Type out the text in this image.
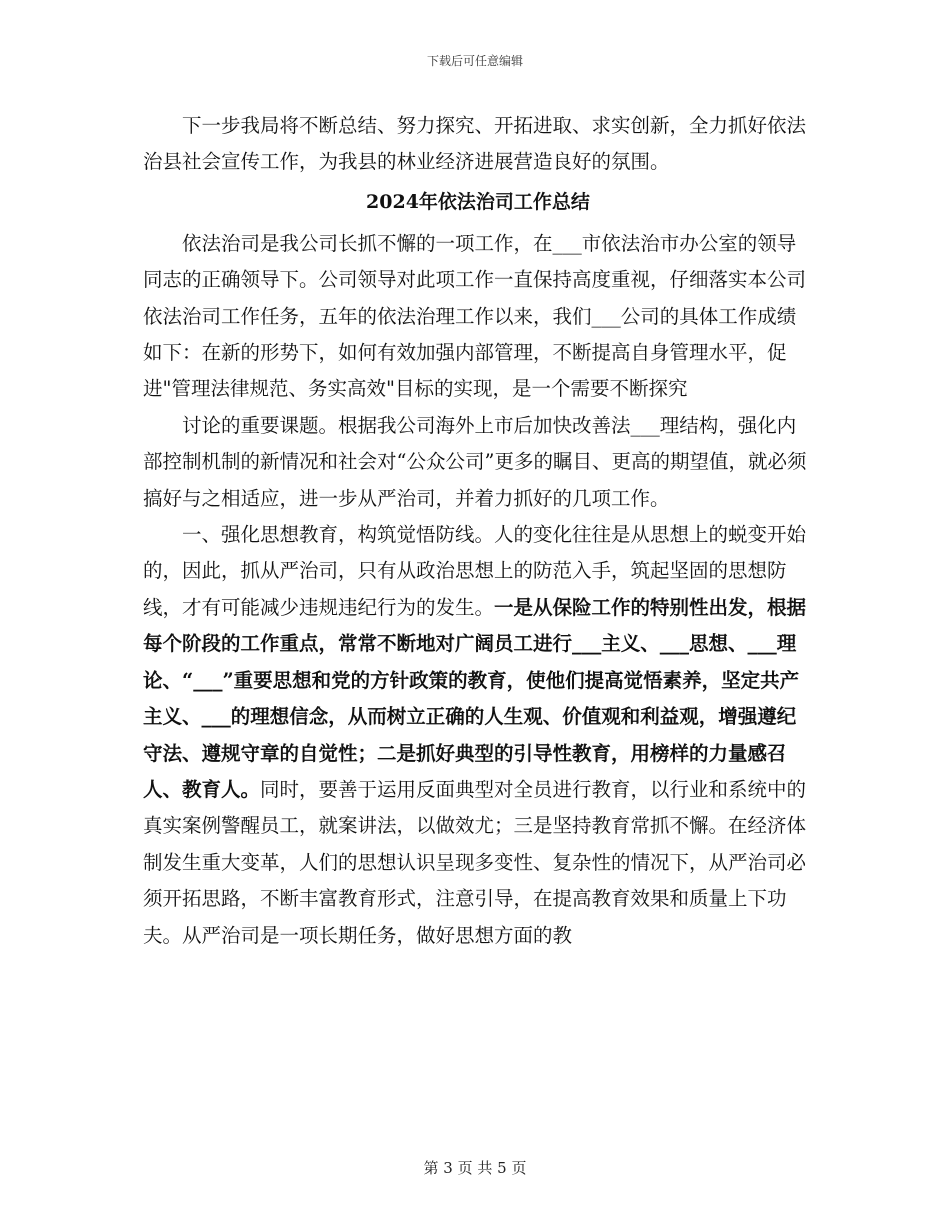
下载后可任意编辑

下一步我局将不断总结、努力探究、开拓进取、求实创新，全力抓好依法治县社会宣传工作，为我县的林业经济进展营造良好的氛围。

2024年依法治司工作总结

依法治司是我公司长抓不懈的一项工作，在___市依法治市办公室的领导同志的正确领导下。公司领导对此项工作一直保持高度重视，仔细落实本公司依法治司工作任务，五年的依法治理工作以来，我们___公司的具体工作成绩如下：在新的形势下，如何有效加强内部管理，不断提高自身管理水平，促进"管理法律规范、务实高效"目标的实现，是一个需要不断探究

讨论的重要课题。根据我公司海外上市后加快改善法___理结构，强化内部控制机制的新情况和社会对“公众公司”更多的瞩目、更高的期望值，就必须搞好与之相适应，进一步从严治司，并着力抓好的几项工作。

一、强化思想教育，构筑觉悟防线。人的变化往往是从思想上的蜕变开始的，因此，抓从严治司，只有从政治思想上的防范入手，筑起坚固的思想防线，才有可能减少违规违纪行为的发生。一是从保险工作的特别性出发，根据每个阶段的工作重点，常常不断地对广阔员工进行___主义、___思想、___理论、“___”重要思想和党的方针政策的教育，使他们提高觉悟素养，坚定共产主义、___的理想信念，从而树立正确的人生观、价值观和利益观，增强遵纪守法、遵规守章的自觉性；二是抓好典型的引导性教育，用榜样的力量感召人、教育人。同时，要善于运用反面典型对全员进行教育，以行业和系统中的真实案例警醒员工，就案讲法，以做效尤；三是坚持教育常抓不懈。在经济体制发生重大变革，人们的思想认识呈现多变性、复杂性的情况下，从严治司必须开拓思路，不断丰富教育形式，注意引导，在提高教育效果和质量上下功夫。从严治司是一项长期任务，做好思想方面的教

第 3 页 共 5 页
